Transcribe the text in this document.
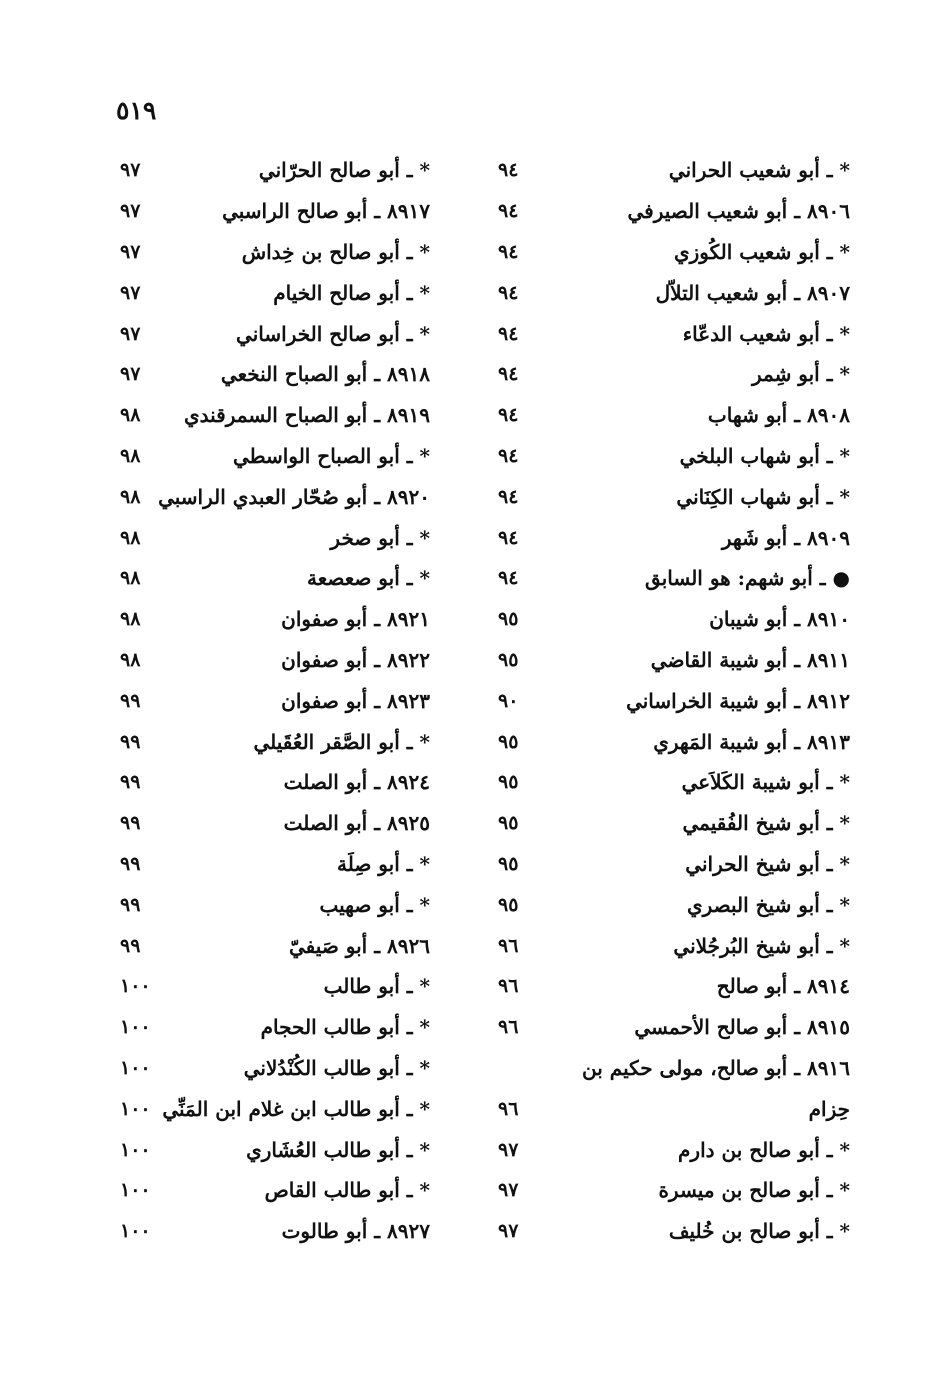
٥١٩
* ـ أبو شعيب الحراني
٩٤
٨٩٠٦ ـ أبو شعيب الصيرفي
٩٤
* ـ أبو شعيب الكُوزي
٩٤
٨٩٠٧ ـ أبو شعيب التلاّل
٩٤
* ـ أبو شعيب الدعّاء
٩٤
* ـ أبو شِمر
٩٤
٨٩٠٨ ـ أبو شهاب
٩٤
* ـ أبو شهاب البلخي
٩٤
* ـ أبو شهاب الكِنَاني
٩٤
٨٩٠٩ ـ أبو شَهر
٩٤
● ـ أبو شهم: هو السابق
٩٤
٨٩١٠ ـ أبو شيبان
٩٥
٨٩١١ ـ أبو شيبة القاضي
٩٥
٨٩١٢ ـ أبو شيبة الخراساني
٩٠
٨٩١٣ ـ أبو شيبة المَهري
٩٥
* ـ أبو شيبة الكَلاَعي
٩٥
* ـ أبو شيخ الفُقيمي
٩٥
* ـ أبو شيخ الحراني
٩٥
* ـ أبو شيخ البصري
٩٥
* ـ أبو شيخ البُرجُلاني
٩٦
٨٩١٤ ـ أبو صالح
٩٦
٨٩١٥ ـ أبو صالح الأحمسي
٩٦
٨٩١٦ ـ أبو صالح، مولى حكيم بن
حِزام
٩٦
* ـ أبو صالح بن دارم
٩٧
* ـ أبو صالح بن ميسرة
٩٧
* ـ أبو صالح بن خُليف
٩٧
* ـ أبو صالح الحرّاني
٩٧
٨٩١٧ ـ أبو صالح الراسبي
٩٧
* ـ أبو صالح بن خِداش
٩٧
* ـ أبو صالح الخيام
٩٧
* ـ أبو صالح الخراساني
٩٧
٨٩١٨ ـ أبو الصباح النخعي
٩٧
٨٩١٩ ـ أبو الصباح السمرقندي
٩٨
* ـ أبو الصباح الواسطي
٩٨
٨٩٢٠ ـ أبو صُحّار العبدي الراسبي
٩٨
* ـ أبو صخر
٩٨
* ـ أبو صعصعة
٩٨
٨٩٢١ ـ أبو صفوان
٩٨
٨٩٢٢ ـ أبو صفوان
٩٨
٨٩٢٣ ـ أبو صفوان
٩٩
* ـ أبو الصَّقر العُقَيلي
٩٩
٨٩٢٤ ـ أبو الصلت
٩٩
٨٩٢٥ ـ أبو الصلت
٩٩
* ـ أبو صِلَة
٩٩
* ـ أبو صهيب
٩٩
٨٩٢٦ ـ أبو صَيفيّ
٩٩
* ـ أبو طالب
١٠٠
* ـ أبو طالب الحجام
١٠٠
* ـ أبو طالب الكُنْدُلاني
١٠٠
* ـ أبو طالب ابن غلام ابن المَنِّي
١٠٠
* ـ أبو طالب العُشَاري
١٠٠
* ـ أبو طالب القاص
١٠٠
٨٩٢٧ ـ أبو طالوت
١٠٠
